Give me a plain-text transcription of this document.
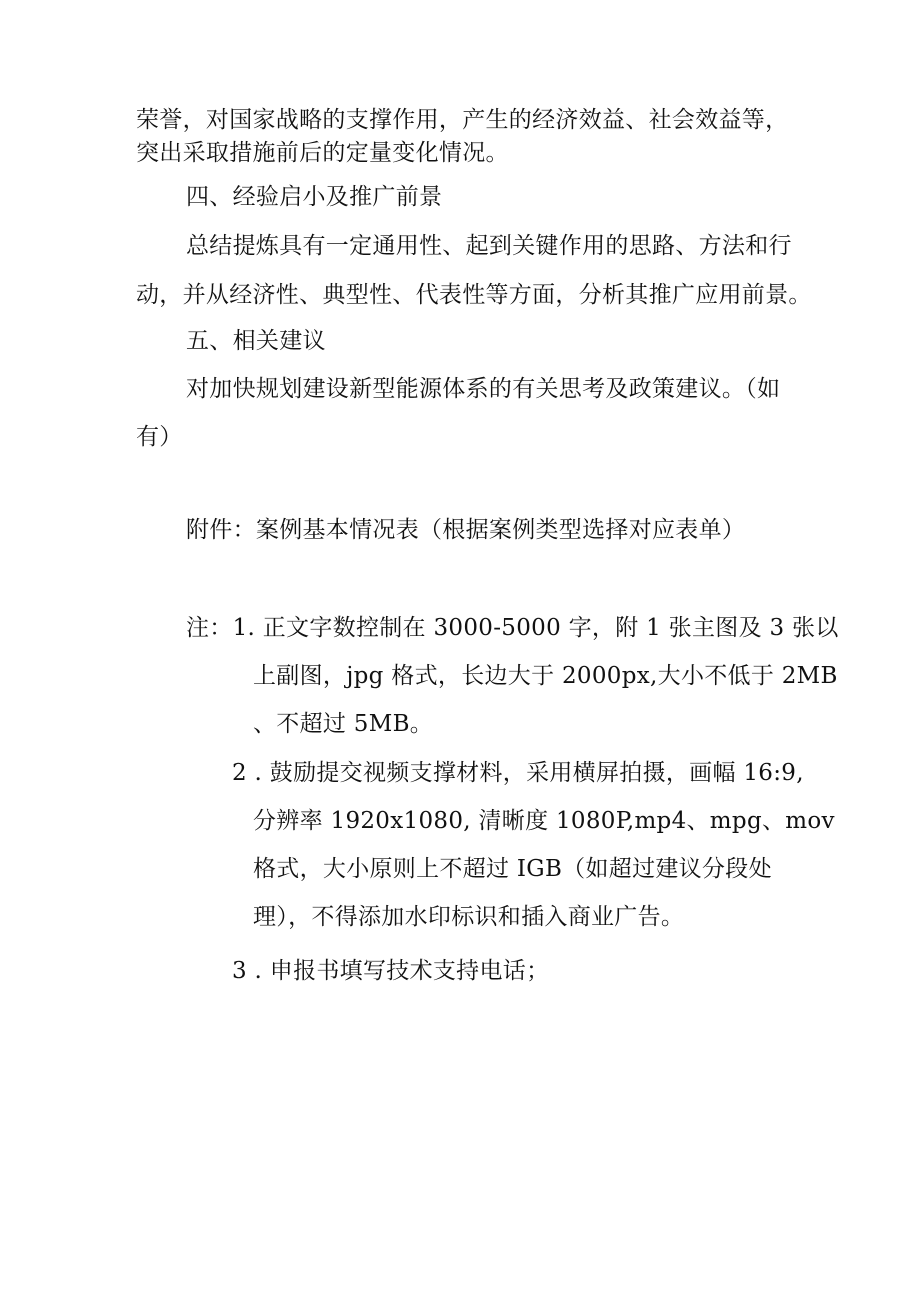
荣誉，对国家战略的支撑作用，产生的经济效益、社会效益等，
突出采取措施前后的定量变化情况。
四、经验启小及推广前景
总结提炼具有一定通用性、起到关键作用的思路、方法和行
动，并从经济性、典型性、代表性等方面，分析其推广应用前景。
五、相关建议
对加快规划建设新型能源体系的有关思考及政策建议。（如
有）
附件：案例基本情况表（根据案例类型选择对应表单）
注：1. 正文字数控制在 3000-5000 字，附 1 张主图及 3 张以
上副图，jpg 格式，长边大于 2000px,大小不低于 2MB
、不超过 5MB。
2 . 鼓励提交视频支撑材料，采用横屏拍摄，画幅 16:9,
分辨率 1920x1080, 清晰度 1080P,mp4、mpg、mov
格式，大小原则上不超过 IGB（如超过建议分段处
理），不得添加水印标识和插入商业广告。
3 . 申报书填写技术支持电话；
